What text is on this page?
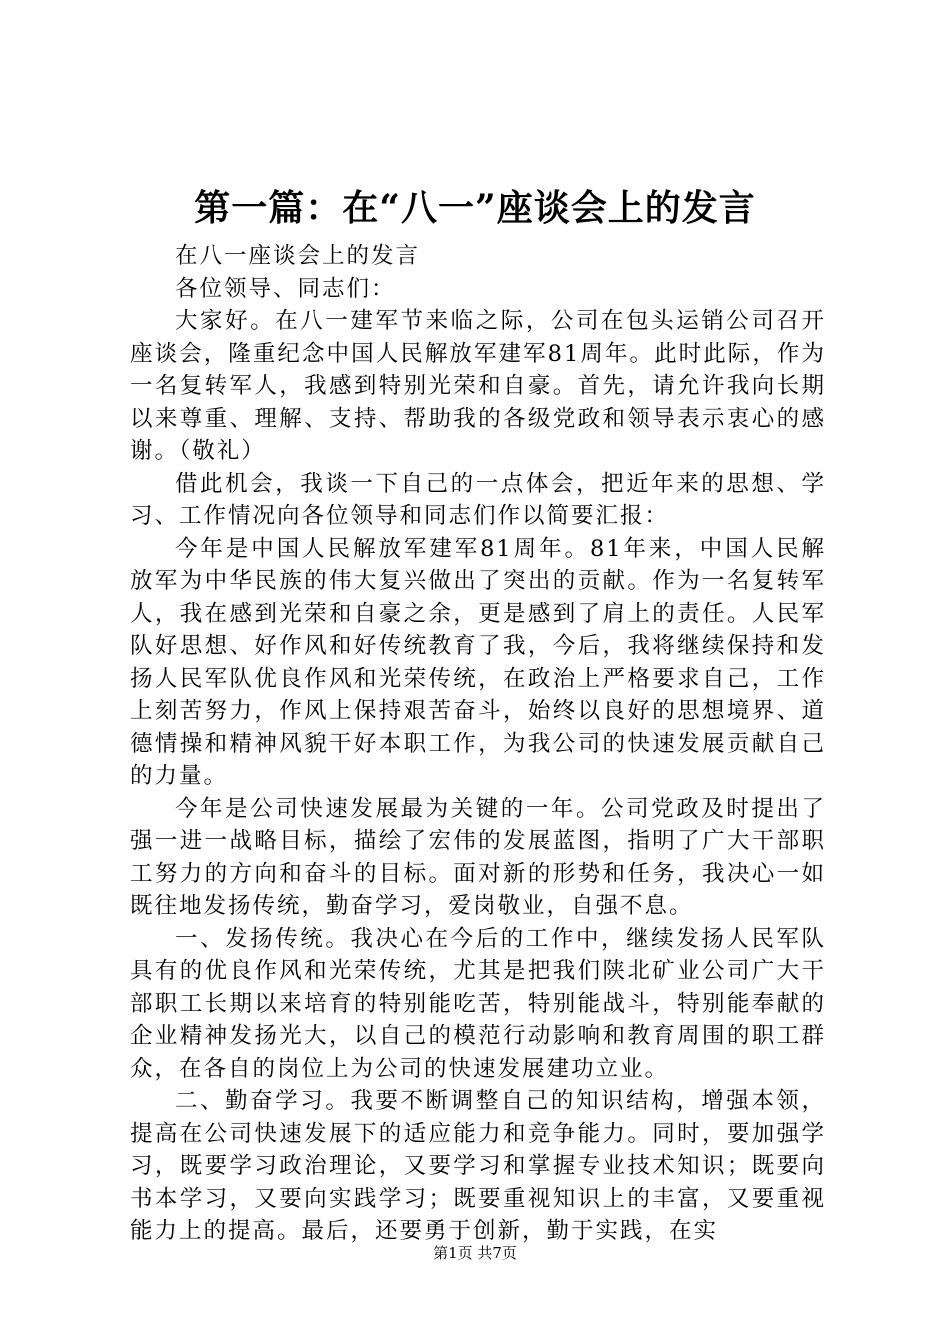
第一篇：在“八一”座谈会上的发言

在八一座谈会上的发言

各位领导、同志们：

大家好。在八一建军节来临之际，公司在包头运销公司召开座谈会，隆重纪念中国人民解放军建军81周年。此时此际，作为一名复转军人，我感到特别光荣和自豪。首先，请允许我向长期以来尊重、理解、支持、帮助我的各级党政和领导表示衷心的感谢。（敬礼）

借此机会，我谈一下自己的一点体会，把近年来的思想、学习、工作情况向各位领导和同志们作以简要汇报：

今年是中国人民解放军建军81周年。81年来，中国人民解放军为中华民族的伟大复兴做出了突出的贡献。作为一名复转军人，我在感到光荣和自豪之余，更是感到了肩上的责任。人民军队好思想、好作风和好传统教育了我，今后，我将继续保持和发扬人民军队优良作风和光荣传统，在政治上严格要求自己，工作上刻苦努力，作风上保持艰苦奋斗，始终以良好的思想境界、道德情操和精神风貌干好本职工作，为我公司的快速发展贡献自己的力量。

今年是公司快速发展最为关键的一年。公司党政及时提出了强一进一战略目标，描绘了宏伟的发展蓝图，指明了广大干部职工努力的方向和奋斗的目标。面对新的形势和任务，我决心一如既往地发扬传统，勤奋学习，爱岗敬业，自强不息。

一、发扬传统。我决心在今后的工作中，继续发扬人民军队具有的优良作风和光荣传统，尤其是把我们陕北矿业公司广大干部职工长期以来培育的特别能吃苦，特别能战斗，特别能奉献的企业精神发扬光大，以自己的模范行动影响和教育周围的职工群众，在各自的岗位上为公司的快速发展建功立业。

二、勤奋学习。我要不断调整自己的知识结构，增强本领，提高在公司快速发展下的适应能力和竞争能力。同时，要加强学习，既要学习政治理论，又要学习和掌握专业技术知识；既要向书本学习，又要向实践学习；既要重视知识上的丰富，又要重视能力上的提高。最后，还要勇于创新，勤于实践，在实

第1页 共7页
